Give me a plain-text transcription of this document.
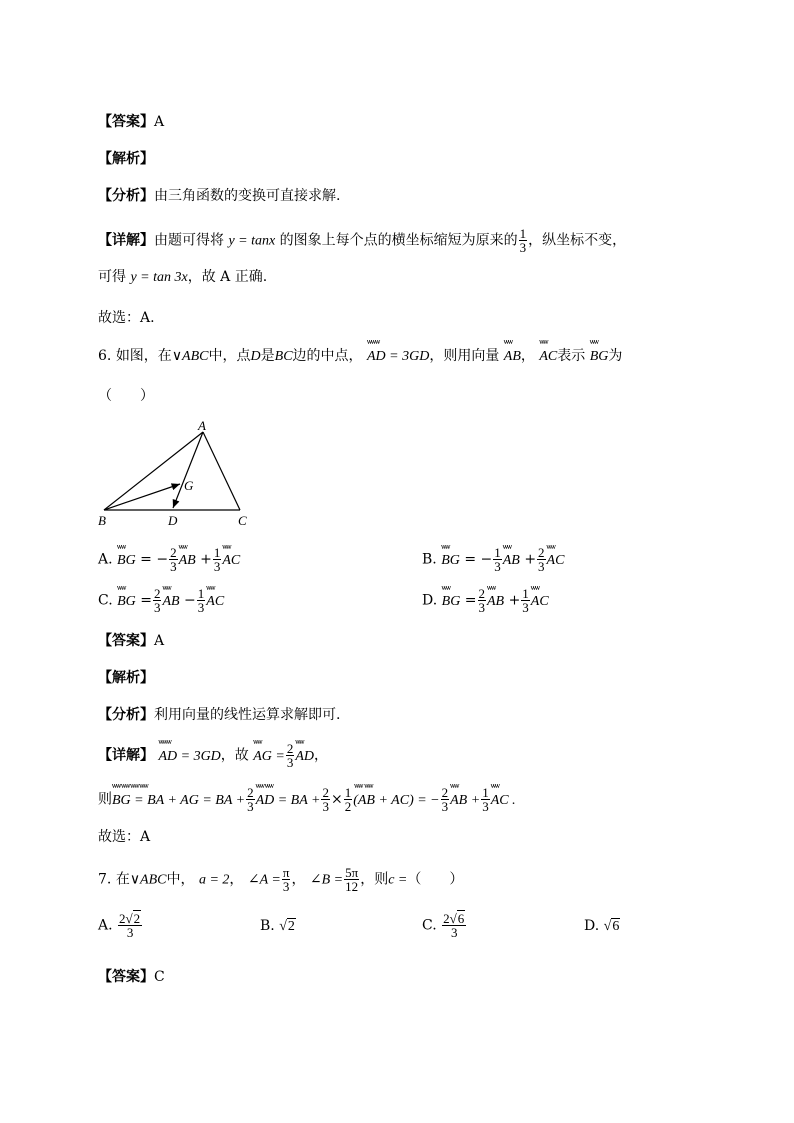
【答案】A
【解析】
【分析】由三角函数的变换可直接求解.
【详解】由题可得将 y = tanx 的图象上每个点的横坐标缩短为原来的 $\frac{1}{3}$ ，纵坐标不变，
可得 y = tan 3x，故 A 正确.
故选：A.
6. 如图，在∨ABC中，点D是BC边的中点，
ѡѡѡ
AD = 3GD，则用向量
ѡѡ
AB，
ѡѡ
AC表示
ѡѡ
BG为
（　　）
A
B	C
D
G
A.
ѡѡ
BG = − $\frac{2}{3}$ ѡѡ
AB + $\frac{1}{3}$ ѡѡ
AC	B.
ѡѡ
BG = − $\frac{1}{3}$ ѡѡ
AB + $\frac{2}{3}$ ѡѡ
AC
C.
ѡѡ
BG = $\frac{2}{3}$ ѡѡ
AB − $\frac{1}{3}$ ѡѡ
AC	D.
ѡѡ
BG = $\frac{2}{3}$ ѡѡ
AB + $\frac{1}{3}$ ѡѡ
AC
【答案】A
【解析】
【分析】利用向量的线性运算求解即可.
【详解】
ѡѡѡ
AD = 3GD，故
ѡѡ
AG = $\frac{2}{3}$
ѡѡ
AD，
则
ѡѡ ѡѡ ѡѡ ѡѡ
BG = BA + AG = BA + $\frac{2}{3}$
ѡѡ ѡѡ
AD = BA + $\frac{2}{3} \times \frac{1}{2}$
ѡѡ  ѡѡ
(AB + AC) = − $\frac{2}{3}$
ѡѡ
AB + $\frac{1}{3}$
ѡѡ
AC .
故选：A
7. 在∨ABC中， a = 2， ∠A = $\frac{\pi}{3}$ ， ∠B = $\frac{5\pi}{12}$ ，则c =（　　）
A. $\frac{2√2}{3}$	B. √2	C. $\frac{2√6}{3}$	D. √6
【答案】C
